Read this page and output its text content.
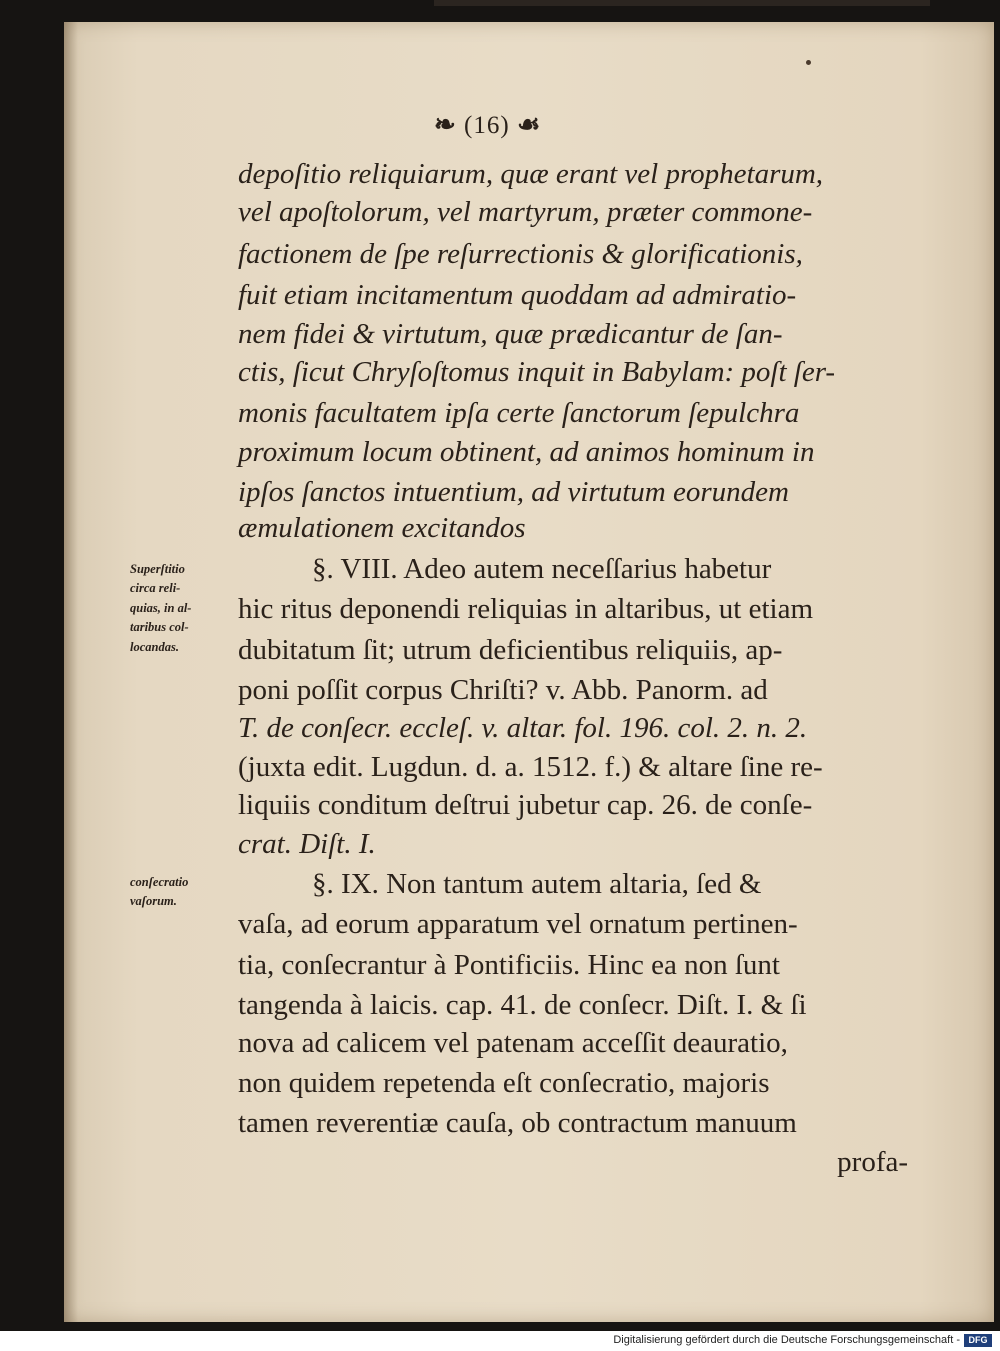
❧ (16) ☙
depoſitio reliquiarum, quæ erant vel prophetarum,
vel apoſtolorum, vel martyrum, præter commone-
factionem de ſpe reſurrectionis & glorificationis,
fuit etiam incitamentum quoddam ad admiratio-
nem fidei & virtutum, quæ prædicantur de ſan-
ctis, ſicut Chryſoſtomus inquit in Babylam: poſt ſer-
monis facultatem ipſa certe ſanctorum ſepulchra
proximum locum obtinent, ad animos hominum in
ipſos ſanctos intuentium, ad virtutum eorundem
æmulationem excitandos
§. VIII. Adeo autem neceſſarius habetur
hic ritus deponendi reliquias in altaribus, ut etiam
dubitatum ſit; utrum deficientibus reliquiis, ap-
poni poſſit corpus Chriſti? v. Abb. Panorm. ad
T. de conſecr. eccleſ. v. altar. fol. 196. col. 2. n. 2.
(juxta edit. Lugdun. d. a. 1512. f.) & altare ſine re-
liquiis conditum deſtrui jubetur cap. 26. de conſe-
crat. Diſt. I.
§. IX. Non tantum autem altaria, ſed &
vaſa, ad eorum apparatum vel ornatum pertinen-
tia, conſecrantur à Pontificiis. Hinc ea non ſunt
tangenda à laicis. cap. 41. de conſecr. Diſt. I. & ſi
nova ad calicem vel patenam acceſſit deauratio,
non quidem repetenda eſt conſecratio, majoris
tamen reverentiæ cauſa, ob contractum manuum
profa-
Superſtitio
circa reli-
quias, in al-
taribus col-
locandas.
conſecratio
vaſorum.
Digitalisierung gefördert durch die Deutsche Forschungsgemeinschaft - DFG
